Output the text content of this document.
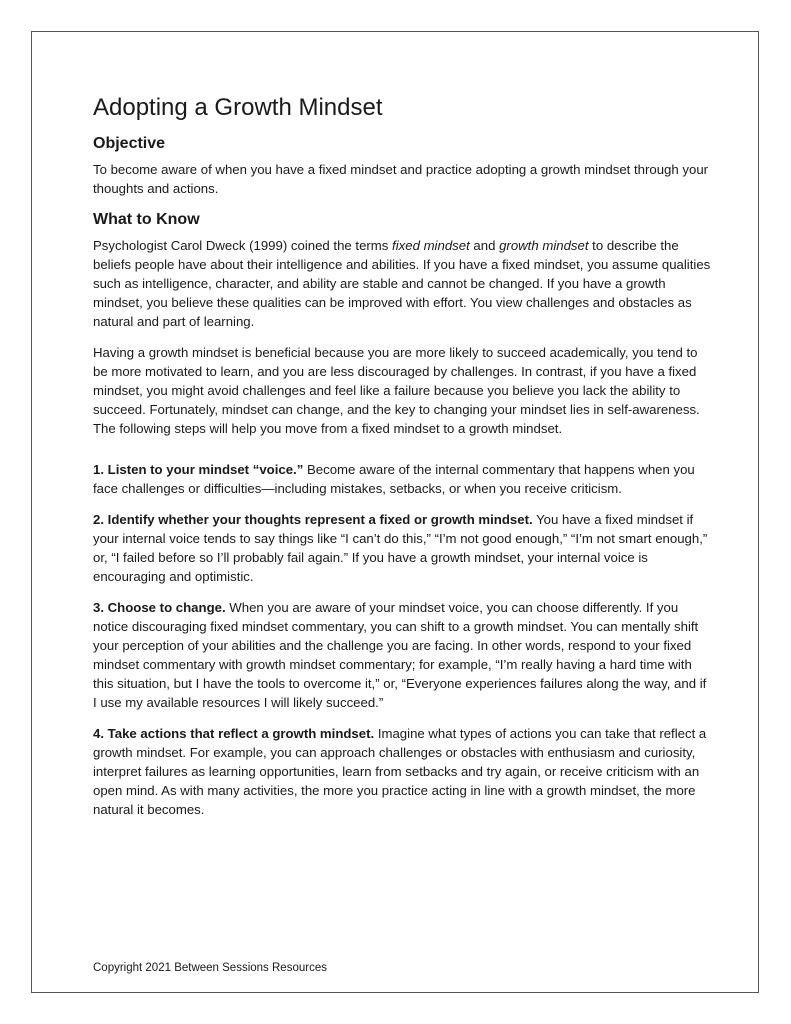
Adopting a Growth Mindset
Objective

To become aware of when you have a fixed mindset and practice adopting a growth mindset through your thoughts and actions.

What to Know

Psychologist Carol Dweck (1999) coined the terms fixed mindset and growth mindset to describe the beliefs people have about their intelligence and abilities. If you have a fixed mindset, you assume qualities such as intelligence, character, and ability are stable and cannot be changed. If you have a growth mindset, you believe these qualities can be improved with effort. You view challenges and obstacles as natural and part of learning.

Having a growth mindset is beneficial because you are more likely to succeed academically, you tend to be more motivated to learn, and you are less discouraged by challenges. In contrast, if you have a fixed mindset, you might avoid challenges and feel like a failure because you believe you lack the ability to succeed. Fortunately, mindset can change, and the key to changing your mindset lies in self-awareness. The following steps will help you move from a fixed mindset to a growth mindset.

1. Listen to your mindset “voice.” Become aware of the internal commentary that happens when you face challenges or difficulties—including mistakes, setbacks, or when you receive criticism.

2. Identify whether your thoughts represent a fixed or growth mindset. You have a fixed mindset if your internal voice tends to say things like “I can’t do this,” “I’m not good enough,” “I’m not smart enough,” or, “I failed before so I’ll probably fail again.” If you have a growth mindset, your internal voice is encouraging and optimistic.

3. Choose to change. When you are aware of your mindset voice, you can choose differently. If you notice discouraging fixed mindset commentary, you can shift to a growth mindset. You can mentally shift your perception of your abilities and the challenge you are facing. In other words, respond to your fixed mindset commentary with growth mindset commentary; for example, “I’m really having a hard time with this situation, but I have the tools to overcome it,” or, “Everyone experiences failures along the way, and if I use my available resources I will likely succeed.”

4. Take actions that reflect a growth mindset. Imagine what types of actions you can take that reflect a growth mindset. For example, you can approach challenges or obstacles with enthusiasm and curiosity, interpret failures as learning opportunities, learn from setbacks and try again, or receive criticism with an open mind. As with many activities, the more you practice acting in line with a growth mindset, the more natural it becomes.

Copyright 2021 Between Sessions Resources
